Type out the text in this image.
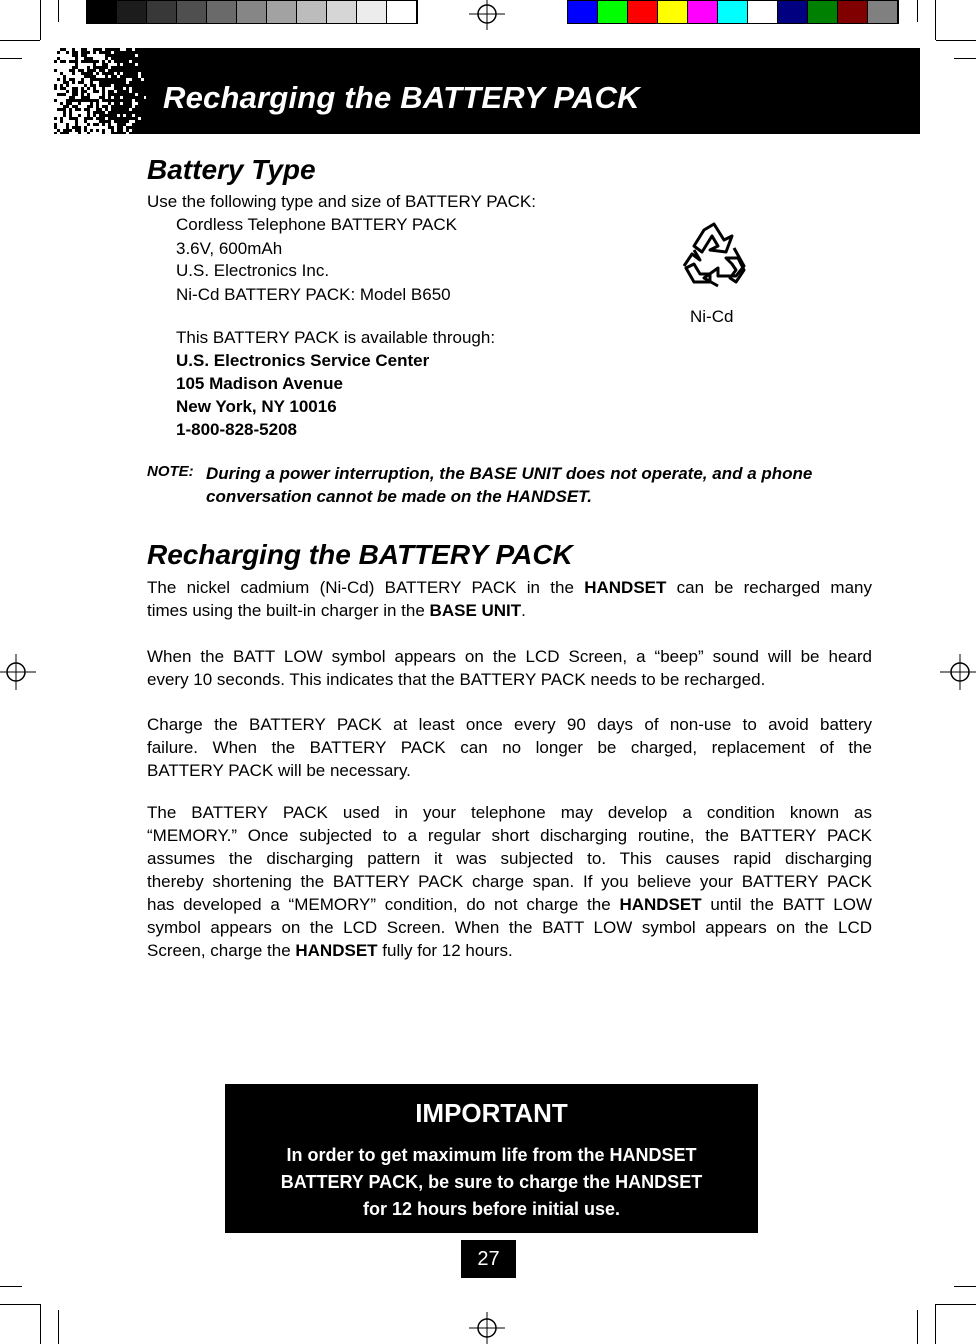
Recharging the BATTERY PACK
Battery Type
Use the following type and size of BATTERY PACK:
Cordless Telephone BATTERY PACK
3.6V, 600mAh
U.S. Electronics Inc.
Ni-Cd BATTERY PACK: Model B650
This BATTERY PACK is available through:
U.S. Electronics Service Center
105 Madison Avenue
New York, NY 10016
1-800-828-5208
Ni-Cd
NOTE: During a power interruption, the BASE UNIT does not operate, and a phone
conversation cannot be made on the HANDSET.
Recharging the BATTERY PACK
The nickel cadmium (Ni-Cd) BATTERY PACK in the HANDSET can be recharged many
times using the built-in charger in the BASE UNIT.
When the BATT LOW symbol appears on the LCD Screen, a “beep” sound will be heard
every 10 seconds. This indicates that the BATTERY PACK needs to be recharged.
Charge the BATTERY PACK at least once every 90 days of non-use to avoid battery
failure. When the BATTERY PACK can no longer be charged, replacement of the
BATTERY PACK will be necessary.
The BATTERY PACK used in your telephone may develop a condition known as
“MEMORY.” Once subjected to a regular short discharging routine, the BATTERY PACK
assumes the discharging pattern it was subjected to. This causes rapid discharging
thereby shortening the BATTERY PACK charge span. If you believe your BATTERY PACK
has developed a “MEMORY” condition, do not charge the HANDSET until the BATT LOW
symbol appears on the LCD Screen. When the BATT LOW symbol appears on the LCD
Screen, charge the HANDSET fully for 12 hours.
IMPORTANT
In order to get maximum life from the HANDSET
BATTERY PACK, be sure to charge the HANDSET
for 12 hours before initial use.
27
